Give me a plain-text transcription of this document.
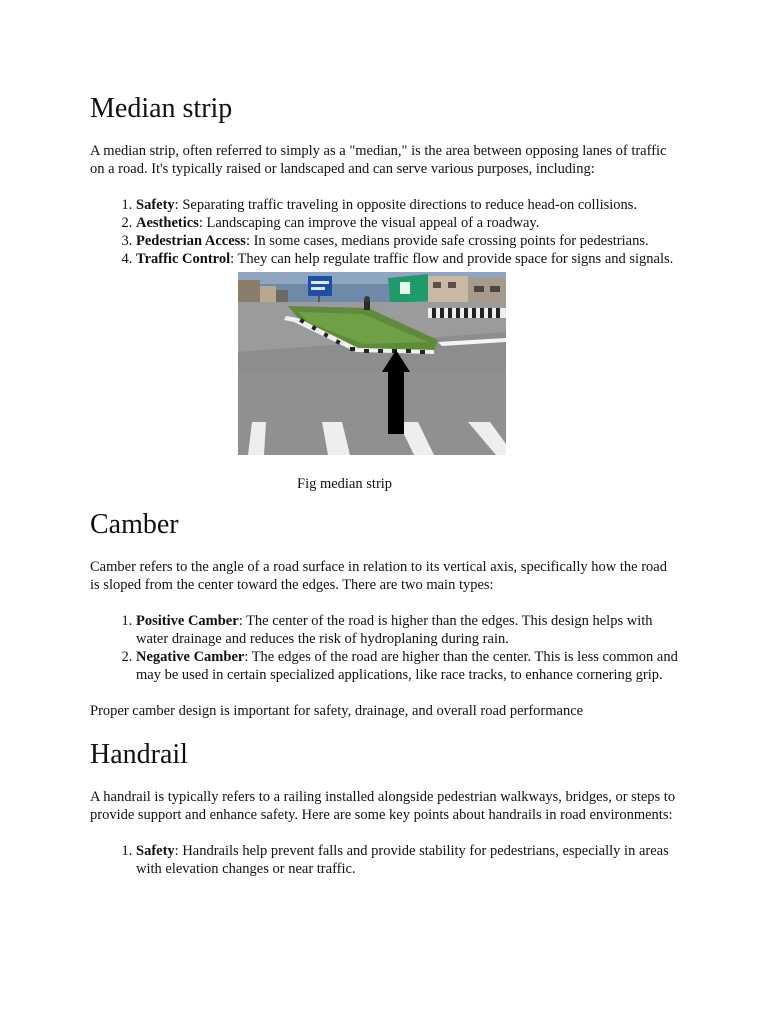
Median strip

A median strip, often referred to simply as a "median," is the area between opposing lanes of traffic on a road. It's typically raised or landscaped and can serve various purposes, including:

1. Safety: Separating traffic traveling in opposite directions to reduce head-on collisions.
2. Aesthetics: Landscaping can improve the visual appeal of a roadway.
3. Pedestrian Access: In some cases, medians provide safe crossing points for pedestrians.
4. Traffic Control: They can help regulate traffic flow and provide space for signs and signals.
Fig median strip
Camber

Camber refers to the angle of a road surface in relation to its vertical axis, specifically how the road is sloped from the center toward the edges. There are two main types:

1. Positive Camber: The center of the road is higher than the edges. This design helps with water drainage and reduces the risk of hydroplaning during rain.
2. Negative Camber: The edges of the road are higher than the center. This is less common and may be used in certain specialized applications, like race tracks, to enhance cornering grip.

Proper camber design is important for safety, drainage, and overall road performance

Handrail

A handrail is typically refers to a railing installed alongside pedestrian walkways, bridges, or steps to provide support and enhance safety. Here are some key points about handrails in road environments:

1. Safety: Handrails help prevent falls and provide stability for pedestrians, especially in areas with elevation changes or near traffic.
